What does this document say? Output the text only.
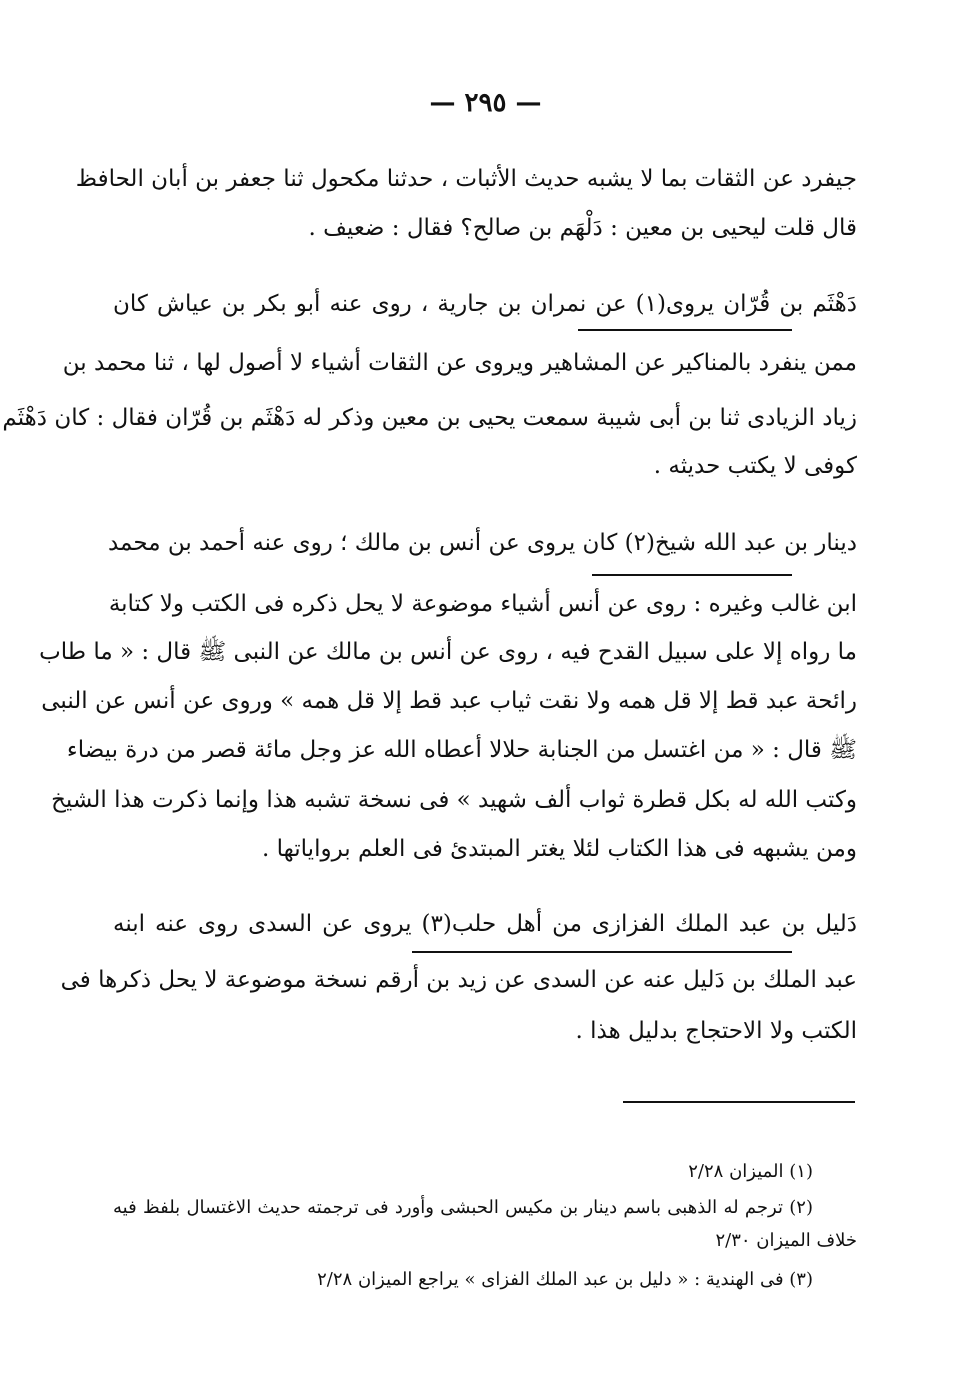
— ٢٩٥ —
جيفرد عن الثقات بما لا يشبه حديث الأثبات ، حدثنا مكحول ثنا جعفر بن أبان الحافظ
قال قلت ليحيى بن معين : دَلْهَم بن صالح؟ فقال : ضعيف .
دَهْثَم بن قُرّان يروى(١) عن نمران بن جارية ، روى عنه أبو بكر بن عياش كان
ممن ينفرد بالمناكير عن المشاهير ويروى عن الثقات أشياء لا أصول لها ، ثنا محمد بن
زياد الزيادى ثنا بن أبى شيبة سمعت يحيى بن معين وذكر له دَهْثَم بن قُرّان فقال : كان دَهْثَم
كوفى لا يكتب حديثه .
دينار بن عبد الله شيخ(٢) كان يروى عن أنس بن مالك ؛ روى عنه أحمد بن محمد
ابن غالب وغيره : روى عن أنس أشياء موضوعة لا يحل ذكره فى الكتب ولا كتابة
ما رواه إلا على سبيل القدح فيه ، روى عن أنس بن مالك عن النبى ﷺ قال : « ما طاب
رائحة عبد قط إلا قل همه ولا نقت ثياب عبد قط إلا قل همه » وروى عن أنس عن النبى
ﷺ قال : « من اغتسل من الجنابة حلالا أعطاه الله عز وجل مائة قصر من درة بيضاء
وكتب الله له بكل قطرة ثواب ألف شهيد » فى نسخة تشبه هذا وإنما ذكرت هذا الشيخ
ومن يشبهه فى هذا الكتاب لئلا يغتر المبتدئ فى العلم برواياتها .
دَليل بن عبد الملك الفزازى من أهل حلب(٣) يروى عن السدى روى عنه ابنه
عبد الملك بن دَليل عنه عن السدى عن زيد بن أرقم نسخة موضوعة لا يحل ذكرها فى
الكتب ولا الاحتجاج بدليل هذا .
(١) الميزان ٢/٢٨
(٢) ترجم له الذهبى باسم دينار بن مكيس الحبشى وأورد فى ترجمته حديث الاغتسال بلفظ فيه
خلاف الميزان ٢/٣٠
(٣) فى الهندية : « دليل بن عبد الملك الفزاى » يراجع الميزان ٢/٢٨
